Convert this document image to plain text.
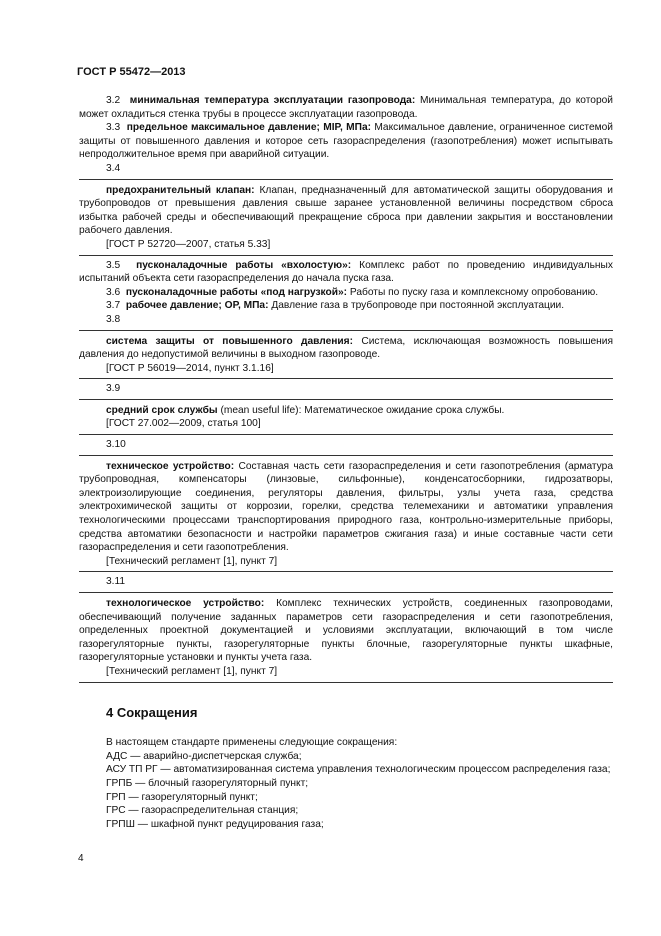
ГОСТ Р 55472—2013

3.2 минимальная температура эксплуатации газопровода: Минимальная температура, до которой может охладиться стенка трубы в процессе эксплуатации газопровода.

3.3 предельное максимальное давление; MIP, МПа: Максимальное давление, ограниченное системой защиты от повышенного давления и которое сеть газораспределения (газопотребления) может испытывать непродолжительное время при аварийной ситуации.

3.4

предохранительный клапан: Клапан, предназначенный для автоматической защиты оборудования и трубопроводов от превышения давления свыше заранее установленной величины посредством сброса избытка рабочей среды и обеспечивающий прекращение сброса при давлении закрытия и восстановлении рабочего давления.

[ГОСТ Р 52720—2007, статья 5.33]

3.5 пусконаладочные работы «вхолостую»: Комплекс работ по проведению индивидуальных испытаний объекта сети газораспределения до начала пуска газа.

3.6 пусконаладочные работы «под нагрузкой»: Работы по пуску газа и комплексному опробованию.

3.7 рабочее давление; ОР, МПа: Давление газа в трубопроводе при постоянной эксплуатации.

3.8

система защиты от повышенного давления: Система, исключающая возможность повышения давления до недопустимой величины в выходном газопроводе.

[ГОСТ Р 56019—2014, пункт 3.1.16]

3.9

средний срок службы (mean useful life): Математическое ожидание срока службы.

[ГОСТ 27.002—2009, статья 100]

3.10

техническое устройство: Составная часть сети газораспределения и сети газопотребления (арматура трубопроводная, компенсаторы (линзовые, сильфонные), конденсатосборники, гидрозатворы, электроизолирующие соединения, регуляторы давления, фильтры, узлы учета газа, средства электрохимической защиты от коррозии, горелки, средства телемеханики и автоматики управления технологическими процессами транспортирования природного газа, контрольно-измерительные приборы, средства автоматики безопасности и настройки параметров сжигания газа) и иные составные части сети газораспределения и сети газопотребления.

[Технический регламент [1], пункт 7]

3.11

технологическое устройство: Комплекс технических устройств, соединенных газопроводами, обеспечивающий получение заданных параметров сети газораспределения и сети газопотребления, определенных проектной документацией и условиями эксплуатации, включающий в том числе газорегуляторные пункты, газорегуляторные пункты блочные, газорегуляторные пункты шкафные, газорегуляторные установки и пункты учета газа.

[Технический регламент [1], пункт 7]

4 Сокращения

В настоящем стандарте применены следующие сокращения:

АДС — аварийно-диспетчерская служба;

АСУ ТП РГ — автоматизированная система управления технологическим процессом распределения газа;

ГРПБ — блочный газорегуляторный пункт;

ГРП — газорегуляторный пункт;

ГРС — газораспределительная станция;

ГРПШ — шкафной пункт редуцирования газа;

4
